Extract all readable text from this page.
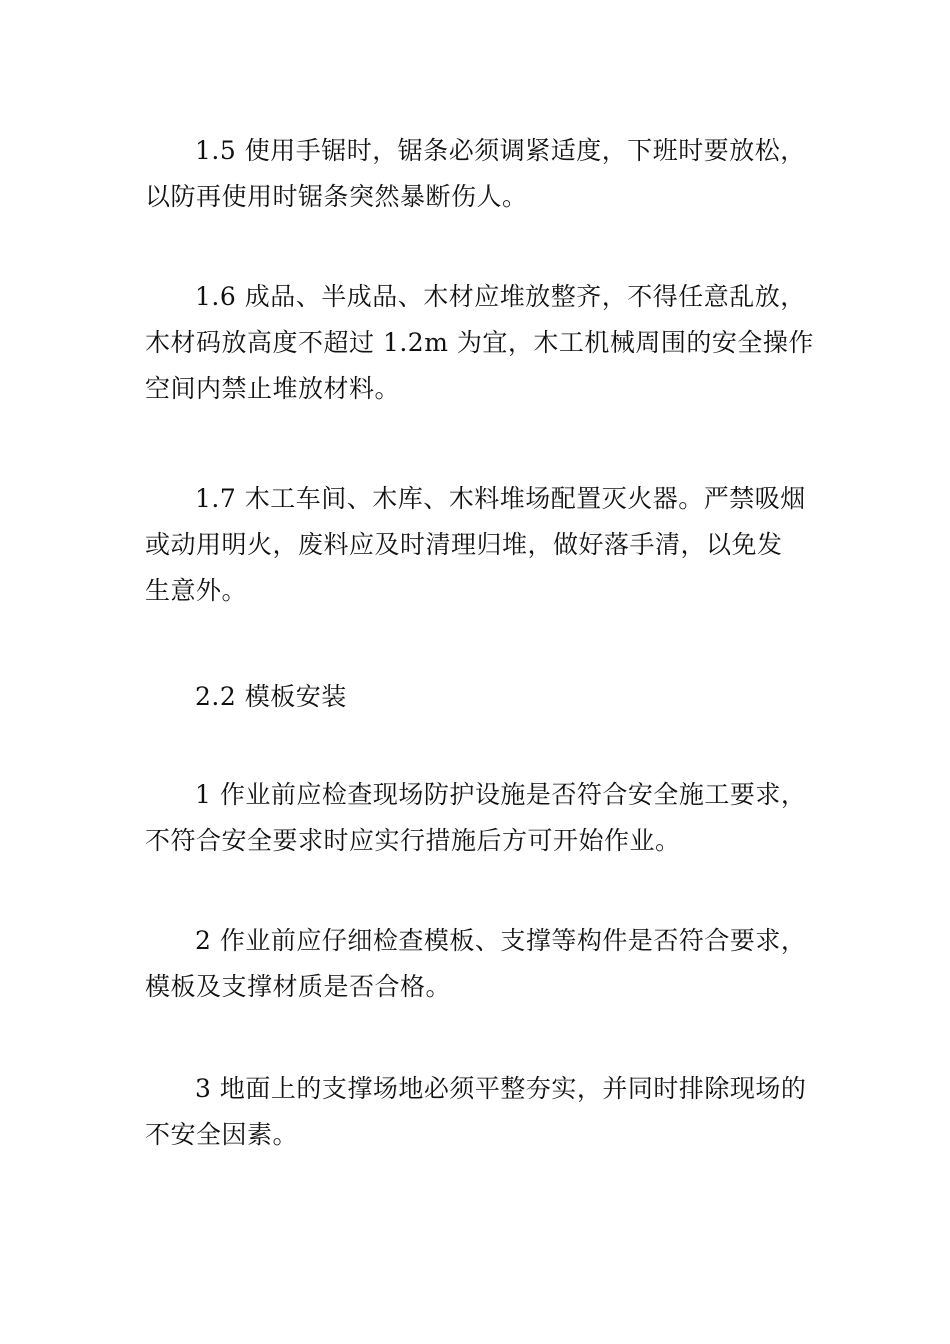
1.5 使用手锯时，锯条必须调紧适度，下班时要放松，
以防再使用时锯条突然暴断伤人。

1.6 成品、半成品、木材应堆放整齐，不得任意乱放，
木材码放高度不超过 1.2m 为宜，木工机械周围的安全操作
空间内禁止堆放材料。

1.7 木工车间、木库、木料堆场配置灭火器。严禁吸烟
或动用明火，废料应及时清理归堆，做好落手清，以免发
生意外。

2.2 模板安装

1 作业前应检查现场防护设施是否符合安全施工要求，
不符合安全要求时应实行措施后方可开始作业。

2 作业前应仔细检查模板、支撑等构件是否符合要求，
模板及支撑材质是否合格。

3 地面上的支撑场地必须平整夯实，并同时排除现场的
不安全因素。
